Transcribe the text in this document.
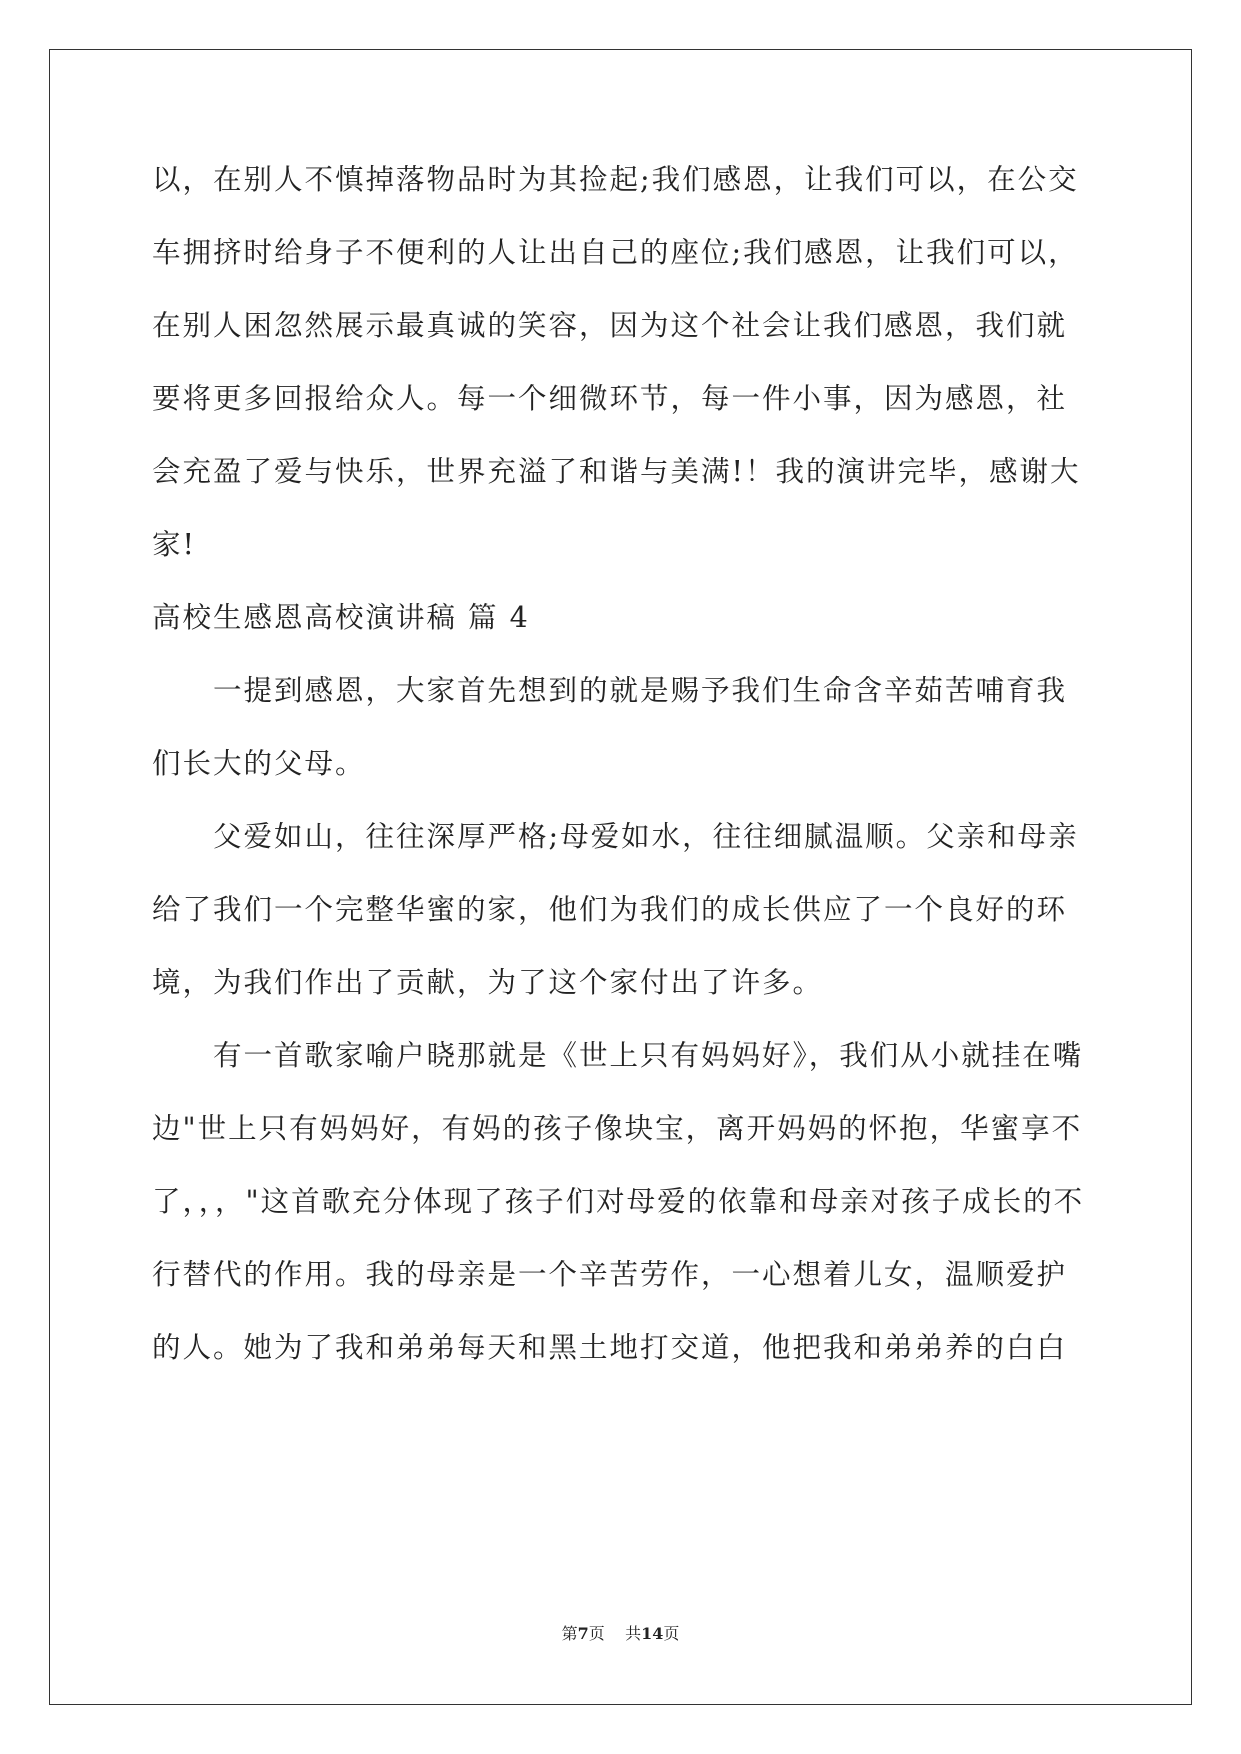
以，在别人不慎掉落物品时为其捡起;我们感恩，让我们可以，在公交
车拥挤时给身子不便利的人让出自己的座位;我们感恩，让我们可以，
在别人困忽然展示最真诚的笑容，因为这个社会让我们感恩，我们就
要将更多回报给众人。每一个细微环节，每一件小事，因为感恩，社
会充盈了爱与快乐，世界充溢了和谐与美满!！我的演讲完毕，感谢大
家!
高校生感恩高校演讲稿 篇 4
　　一提到感恩，大家首先想到的就是赐予我们生命含辛茹苦哺育我
们长大的父母。
　　父爱如山，往往深厚严格;母爱如水，往往细腻温顺。父亲和母亲
给了我们一个完整华蜜的家，他们为我们的成长供应了一个良好的环
境，为我们作出了贡献，为了这个家付出了许多。
　　有一首歌家喻户晓那就是《世上只有妈妈好》，我们从小就挂在嘴
边"世上只有妈妈好，有妈的孩子像块宝，离开妈妈的怀抱，华蜜享不
了，，，"这首歌充分体现了孩子们对母爱的依靠和母亲对孩子成长的不
行替代的作用。我的母亲是一个辛苦劳作，一心想着儿女，温顺爱护
的人。她为了我和弟弟每天和黑土地打交道，他把我和弟弟养的白白
第7页 共14页
